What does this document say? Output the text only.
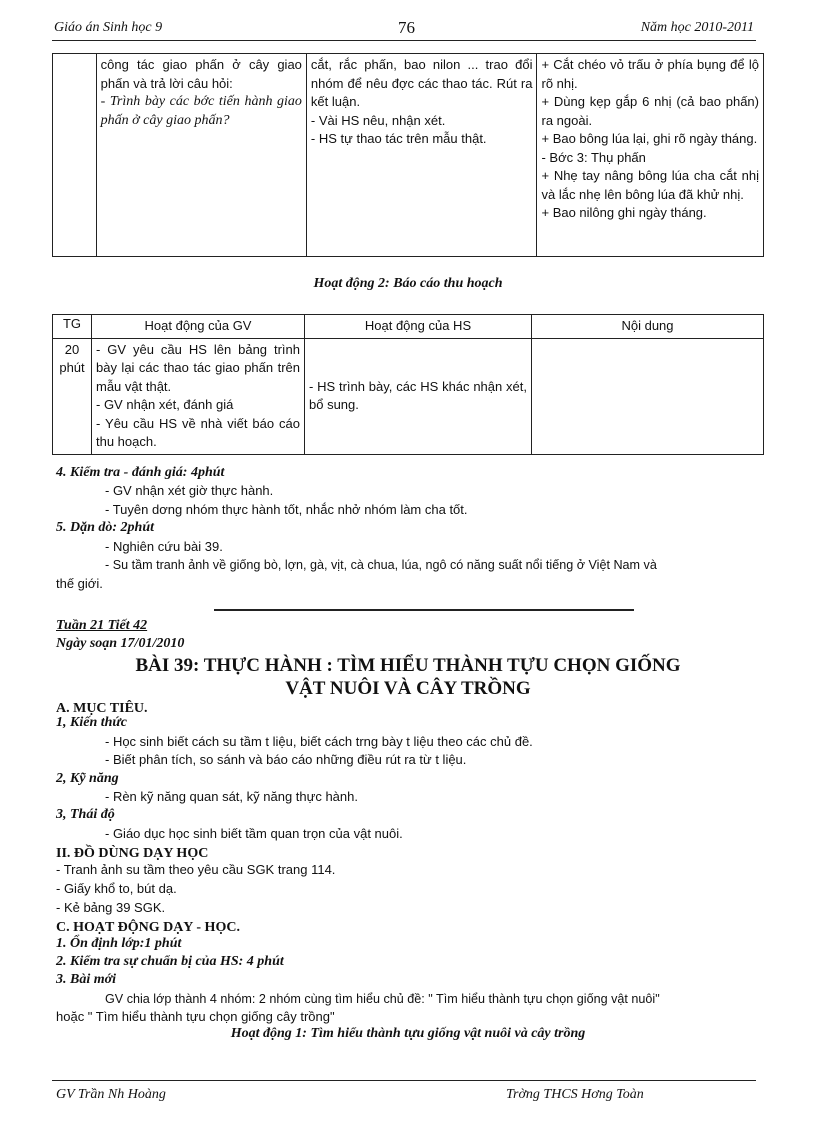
Giáo án Sinh học 9	76	Năm học 2010-2011

công tác giao phấn ở cây giao phấn và trả lời câu hỏi:
- Trình bày các bớc tiến hành giao phấn ở cây giao phấn?

cắt, rắc phấn, bao nilon ... trao đổi nhóm để nêu đợc các thao tác. Rút ra kết luận.
- Vài HS nêu, nhận xét.
- HS tự thao tác trên mẫu thật.

+ Cắt chéo vỏ trấu ở phía bụng để lộ rõ nhị.
+ Dùng kẹp gắp 6 nhị (cả bao phấn) ra ngoài.
+ Bao bông lúa lại, ghi rõ ngày tháng.
- Bớc 3: Thụ phấn
+ Nhẹ tay nâng bông lúa cha cắt nhị và lắc nhẹ lên bông lúa đã khử nhị.
+ Bao nilông ghi ngày tháng.
Hoạt động 2: Báo cáo thu hoạch
TG	Hoạt động của GV	Hoạt động của HS	Nội dung
20 phút	- GV yêu cầu HS lên bảng trình bày lại các thao tác giao phấn trên mẫu vật thật.
- GV nhận xét, đánh giá
- Yêu cầu HS về nhà viết báo cáo thu hoạch.	- HS trình bày, các HS khác nhận xét, bổ sung.	

4. Kiểm tra - đánh giá: 4phút
- GV nhận xét giờ thực hành.
- Tuyên dơng nhóm thực hành tốt, nhắc nhở nhóm làm cha tốt.
5. Dặn dò: 2phút
- Nghiên cứu bài 39.
- Su tầm tranh ảnh về giống bò, lợn, gà, vịt, cà chua, lúa, ngô có năng suất nổi tiếng ở Việt Nam và
thế giới.
Tuần 21 Tiết 42
Ngày soạn 17/01/2010
BÀI 39: THỰC HÀNH : TÌM HIỂU THÀNH TỰU CHỌN GIỐNG
VẬT NUÔI VÀ CÂY TRỒNG
A. MỤC TIÊU.
1, Kiến thức
- Học sinh biết cách su tầm t liệu, biết cách trng bày t liệu theo các chủ đề.
- Biết phân tích, so sánh và báo cáo những điều rút ra từ t liệu.
2, Kỹ năng
- Rèn kỹ năng quan sát, kỹ năng thực hành.
3, Thái độ
- Giáo dục học sinh biết tầm quan trọn của vật nuôi.
II. ĐỒ DÙNG DẠY HỌC
- Tranh ảnh su tầm theo yêu cầu SGK trang 114.
- Giấy khổ to, bút dạ.
- Kẻ bảng 39 SGK.
C. HOẠT ĐỘNG DẠY - HỌC.
1. Ổn định lớp:1 phút
2. Kiểm tra sự chuẩn bị của HS: 4 phút
3. Bài mới
GV chia lớp thành 4 nhóm: 2 nhóm cùng tìm hiểu chủ đề: " Tìm hiểu thành tựu chọn giống vật nuôi"
hoặc " Tìm hiểu thành tựu chọn giống cây trồng"
Hoạt động 1: Tìm hiểu thành tựu giống vật nuôi và cây trồng
GV Trần Nh Hoàng	Trờng THCS Hơng Toàn
